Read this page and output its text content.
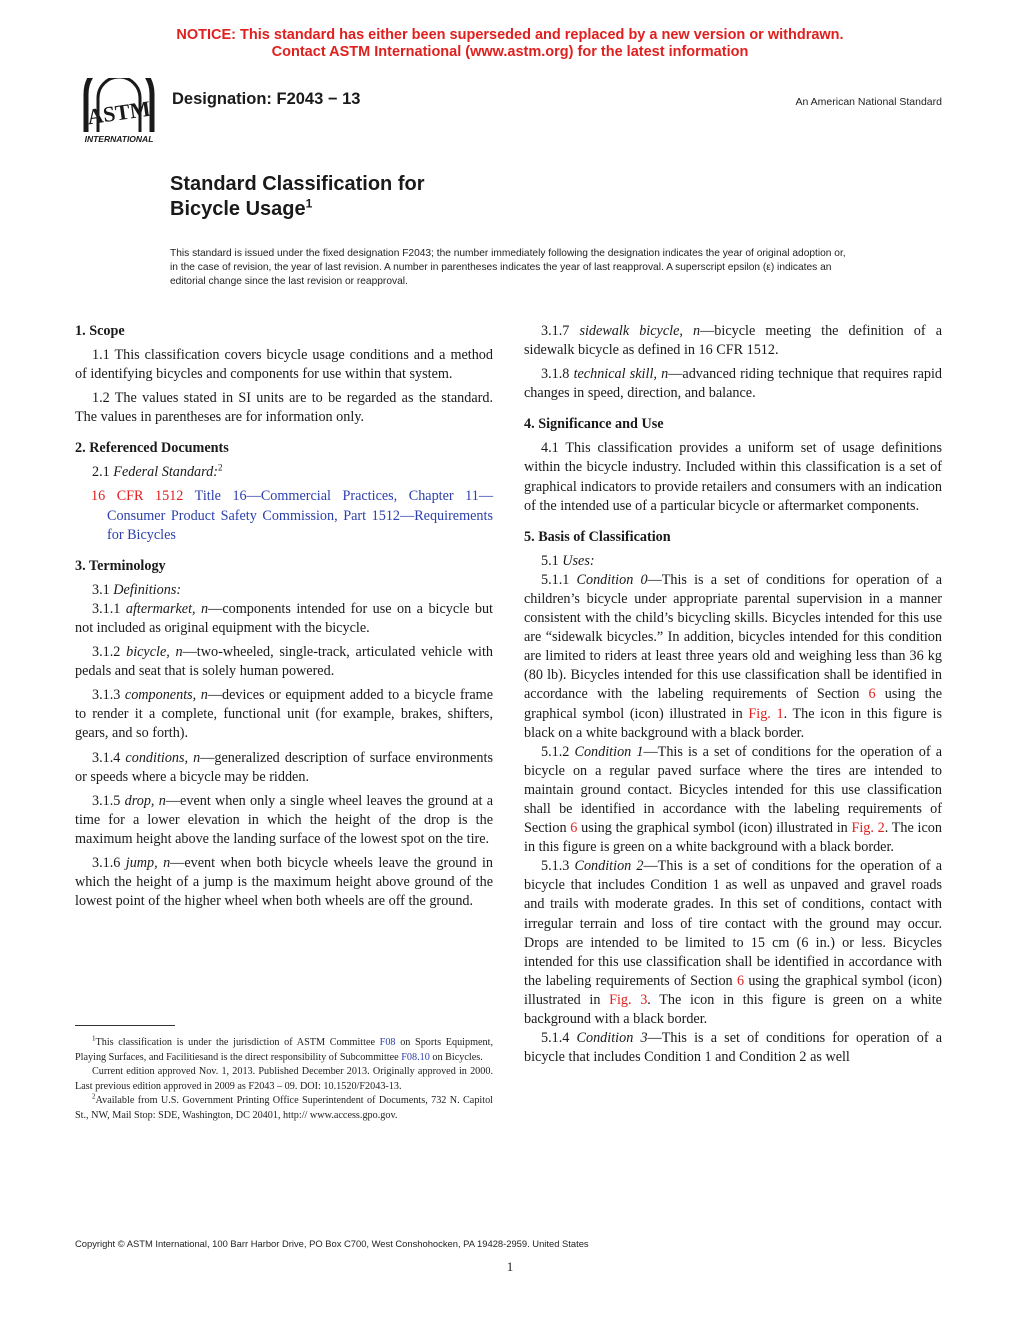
NOTICE: This standard has either been superseded and replaced by a new version or withdrawn.
Contact ASTM International (www.astm.org) for the latest information
ASTM
INTERNATIONAL
Designation: F2043 − 13	An American National Standard
Standard Classification for
Bicycle Usage$^1$
This standard is issued under the fixed designation F2043; the number immediately following the designation indicates the year of original adoption or, in the case of revision, the year of last revision. A number in parentheses indicates the year of last reapproval. A superscript epsilon (ε) indicates an editorial change since the last revision or reapproval.
1. Scope

1.1 This classification covers bicycle usage conditions and a method of identifying bicycles and components for use within that system.

1.2 The values stated in SI units are to be regarded as the standard. The values in parentheses are for information only.

2. Referenced Documents

2.1 Federal Standard:$^2$

16 CFR 1512 Title 16—Commercial Practices, Chapter 11—Consumer Product Safety Commission, Part 1512—Requirements for Bicycles
3. Terminology

3.1 Definitions:

3.1.1 aftermarket, n—components intended for use on a bicycle but not included as original equipment with the bicycle.

3.1.2 bicycle, n—two-wheeled, single-track, articulated vehicle with pedals and seat that is solely human powered.

3.1.3 components, n—devices or equipment added to a bicycle frame to render it a complete, functional unit (for example, brakes, shifters, gears, and so forth).

3.1.4 conditions, n—generalized description of surface environments or speeds where a bicycle may be ridden.

3.1.5 drop, n—event when only a single wheel leaves the ground at a time for a lower elevation in which the height of the drop is the maximum height above the landing surface of the lowest spot on the tire.

3.1.6 jump, n—event when both bicycle wheels leave the ground in which the height of a jump is the maximum height above ground of the lowest point of the higher wheel when both wheels are off the ground.

$^1$This classification is under the jurisdiction of ASTM Committee F08 on Sports Equipment, Playing Surfaces, and Facilitiesand is the direct responsibility of Subcommittee F08.10 on Bicycles.

Current edition approved Nov. 1, 2013. Published December 2013. Originally approved in 2000. Last previous edition approved in 2009 as F2043 – 09. DOI: 10.1520/F2043-13.

$^2$Available from U.S. Government Printing Office Superintendent of Documents, 732 N. Capitol St., NW, Mail Stop: SDE, Washington, DC 20401, http:// www.access.gpo.gov.

3.1.7 sidewalk bicycle, n—bicycle meeting the definition of a sidewalk bicycle as defined in 16 CFR 1512.

3.1.8 technical skill, n—advanced riding technique that requires rapid changes in speed, direction, and balance.

4. Significance and Use

4.1 This classification provides a uniform set of usage definitions within the bicycle industry. Included within this classification is a set of graphical indicators to provide retailers and consumers with an indication of the intended use of a particular bicycle or aftermarket components.

5. Basis of Classification

5.1 Uses:

5.1.1 Condition 0—This is a set of conditions for operation of a children’s bicycle under appropriate parental supervision in a manner consistent with the child’s bicycling skills. Bicycles intended for this use are “sidewalk bicycles.” In addition, bicycles intended for this condition are limited to riders at least three years old and weighing less than 36 kg (80 lb). Bicycles intended for this use classification shall be identified in accordance with the labeling requirements of Section 6 using the graphical symbol (icon) illustrated in Fig. 1. The icon in this figure is black on a white background with a black border.

5.1.2 Condition 1—This is a set of conditions for the operation of a bicycle on a regular paved surface where the tires are intended to maintain ground contact. Bicycles intended for this use classification shall be identified in accordance with the labeling requirements of Section 6 using the graphical symbol (icon) illustrated in Fig. 2. The icon in this figure is green on a white background with a black border.

5.1.3 Condition 2—This is a set of conditions for the operation of a bicycle that includes Condition 1 as well as unpaved and gravel roads and trails with moderate grades. In this set of conditions, contact with irregular terrain and loss of tire contact with the ground may occur. Drops are intended to be limited to 15 cm (6 in.) or less. Bicycles intended for this use classification shall be identified in accordance with the labeling requirements of Section 6 using the graphical symbol (icon) illustrated in Fig. 3. The icon in this figure is green on a white background with a black border.

5.1.4 Condition 3—This is a set of conditions for operation of a bicycle that includes Condition 1 and Condition 2 as well

Copyright © ASTM International, 100 Barr Harbor Drive, PO Box C700, West Conshohocken, PA 19428-2959. United States
1
